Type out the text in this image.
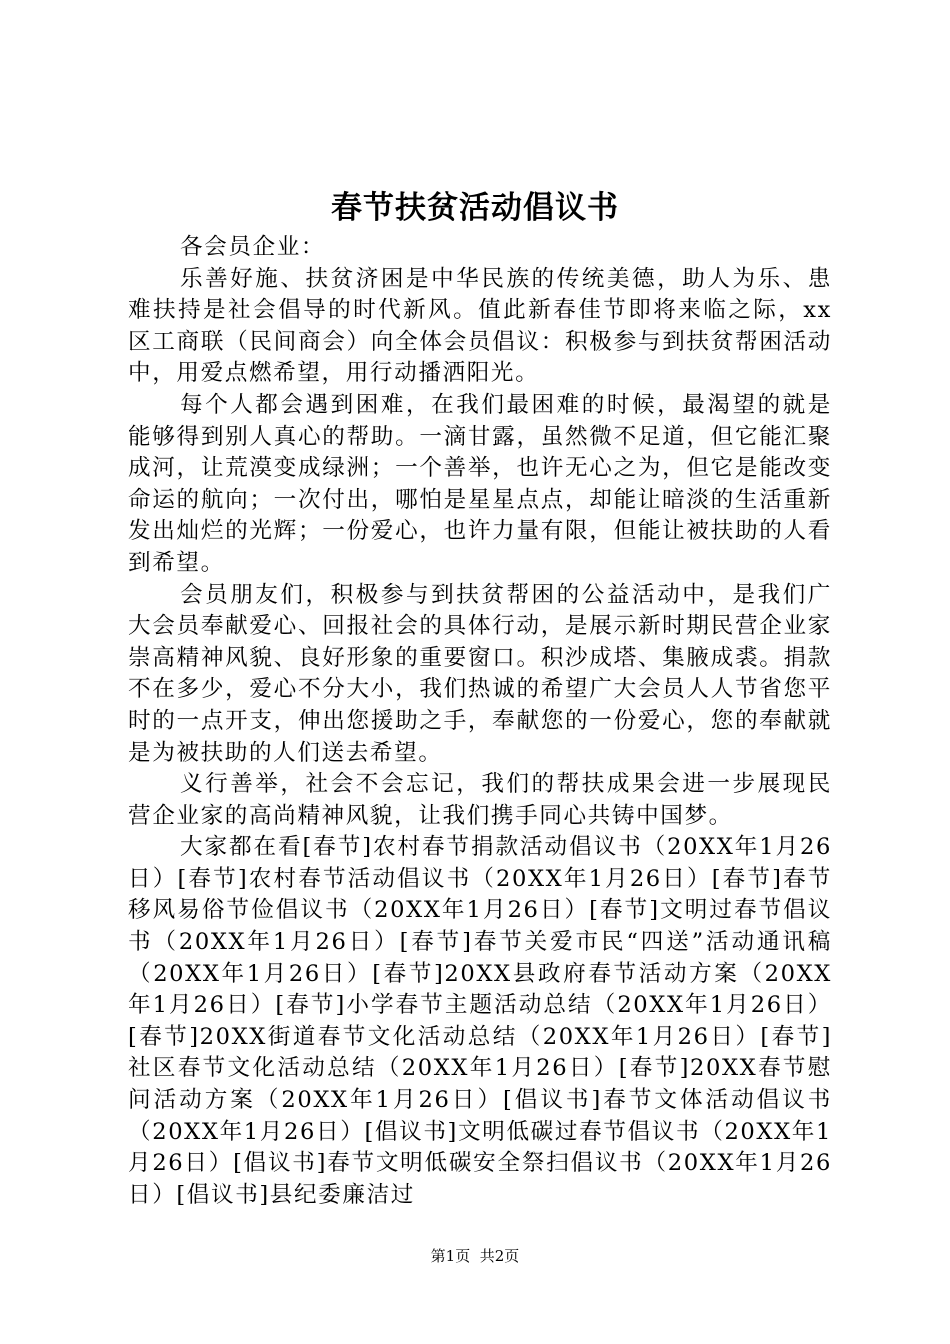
春节扶贫活动倡议书

各会员企业：

乐善好施、扶贫济困是中华民族的传统美德，助人为乐、患难扶持是社会倡导的时代新风。值此新春佳节即将来临之际，xx区工商联（民间商会）向全体会员倡议：积极参与到扶贫帮困活动中，用爱点燃希望，用行动播洒阳光。

每个人都会遇到困难，在我们最困难的时候，最渴望的就是能够得到别人真心的帮助。一滴甘露，虽然微不足道，但它能汇聚成河，让荒漠变成绿洲；一个善举，也许无心之为，但它是能改变命运的航向；一次付出，哪怕是星星点点，却能让暗淡的生活重新发出灿烂的光辉；一份爱心，也许力量有限，但能让被扶助的人看到希望。

会员朋友们，积极参与到扶贫帮困的公益活动中，是我们广大会员奉献爱心、回报社会的具体行动，是展示新时期民营企业家崇高精神风貌、良好形象的重要窗口。积沙成塔、集腋成裘。捐款不在多少，爱心不分大小，我们热诚的希望广大会员人人节省您平时的一点开支，伸出您援助之手，奉献您的一份爱心，您的奉献就是为被扶助的人们送去希望。

义行善举，社会不会忘记，我们的帮扶成果会进一步展现民营企业家的高尚精神风貌，让我们携手同心共铸中国梦。

大家都在看[春节]农村春节捐款活动倡议书（20XX年1月26日）[春节]农村春节活动倡议书（20XX年1月26日）[春节]春节移风易俗节俭倡议书（20XX年1月26日）[春节]文明过春节倡议书（20XX年1月26日）[春节]春节关爱市民“四送”活动通讯稿（20XX年1月26日）[春节]20XX县政府春节活动方案（20XX年1月26日）[春节]小学春节主题活动总结（20XX年1月26日）[春节]20XX街道春节文化活动总结（20XX年1月26日）[春节]社区春节文化活动总结（20XX年1月26日）[春节]20XX春节慰问活动方案（20XX年1月26日）[倡议书]春节文体活动倡议书（20XX年1月26日）[倡议书]文明低碳过春节倡议书（20XX年1月26日）[倡议书]春节文明低碳安全祭扫倡议书（20XX年1月26日）[倡议书]县纪委廉洁过

第1页 共2页
